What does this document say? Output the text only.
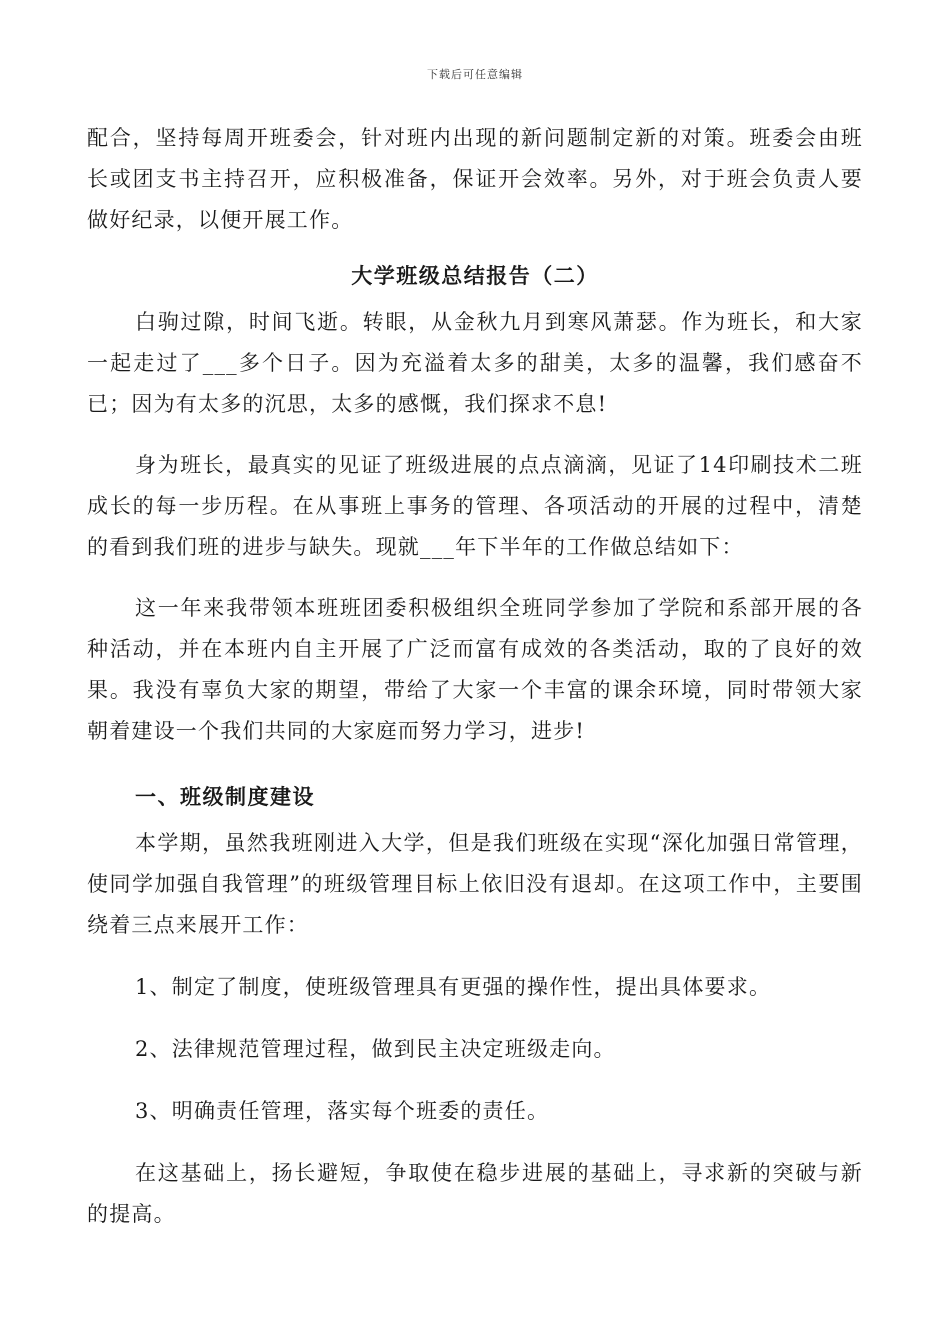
下载后可任意编辑

配合，坚持每周开班委会，针对班内出现的新问题制定新的对策。班委会由班长或团支书主持召开，应积极准备，保证开会效率。另外，对于班会负责人要做好纪录，以便开展工作。

大学班级总结报告（二）

白驹过隙，时间飞逝。转眼，从金秋九月到寒风萧瑟。作为班长，和大家一起走过了___多个日子。因为充溢着太多的甜美，太多的温馨，我们感奋不已；因为有太多的沉思，太多的感慨，我们探求不息!

身为班长，最真实的见证了班级进展的点点滴滴，见证了14印刷技术二班成长的每一步历程。在从事班上事务的管理、各项活动的开展的过程中，清楚的看到我们班的进步与缺失。现就___年下半年的工作做总结如下：

这一年来我带领本班班团委积极组织全班同学参加了学院和系部开展的各种活动，并在本班内自主开展了广泛而富有成效的各类活动，取的了良好的效果。我没有辜负大家的期望，带给了大家一个丰富的课余环境，同时带领大家朝着建设一个我们共同的大家庭而努力学习，进步!

一、班级制度建设

本学期，虽然我班刚进入大学，但是我们班级在实现“深化加强日常管理，使同学加强自我管理”的班级管理目标上依旧没有退却。在这项工作中，主要围绕着三点来展开工作：

1、制定了制度，使班级管理具有更强的操作性，提出具体要求。

2、法律规范管理过程，做到民主决定班级走向。

3、明确责任管理，落实每个班委的责任。

在这基础上，扬长避短，争取使在稳步进展的基础上，寻求新的突破与新的提高。
